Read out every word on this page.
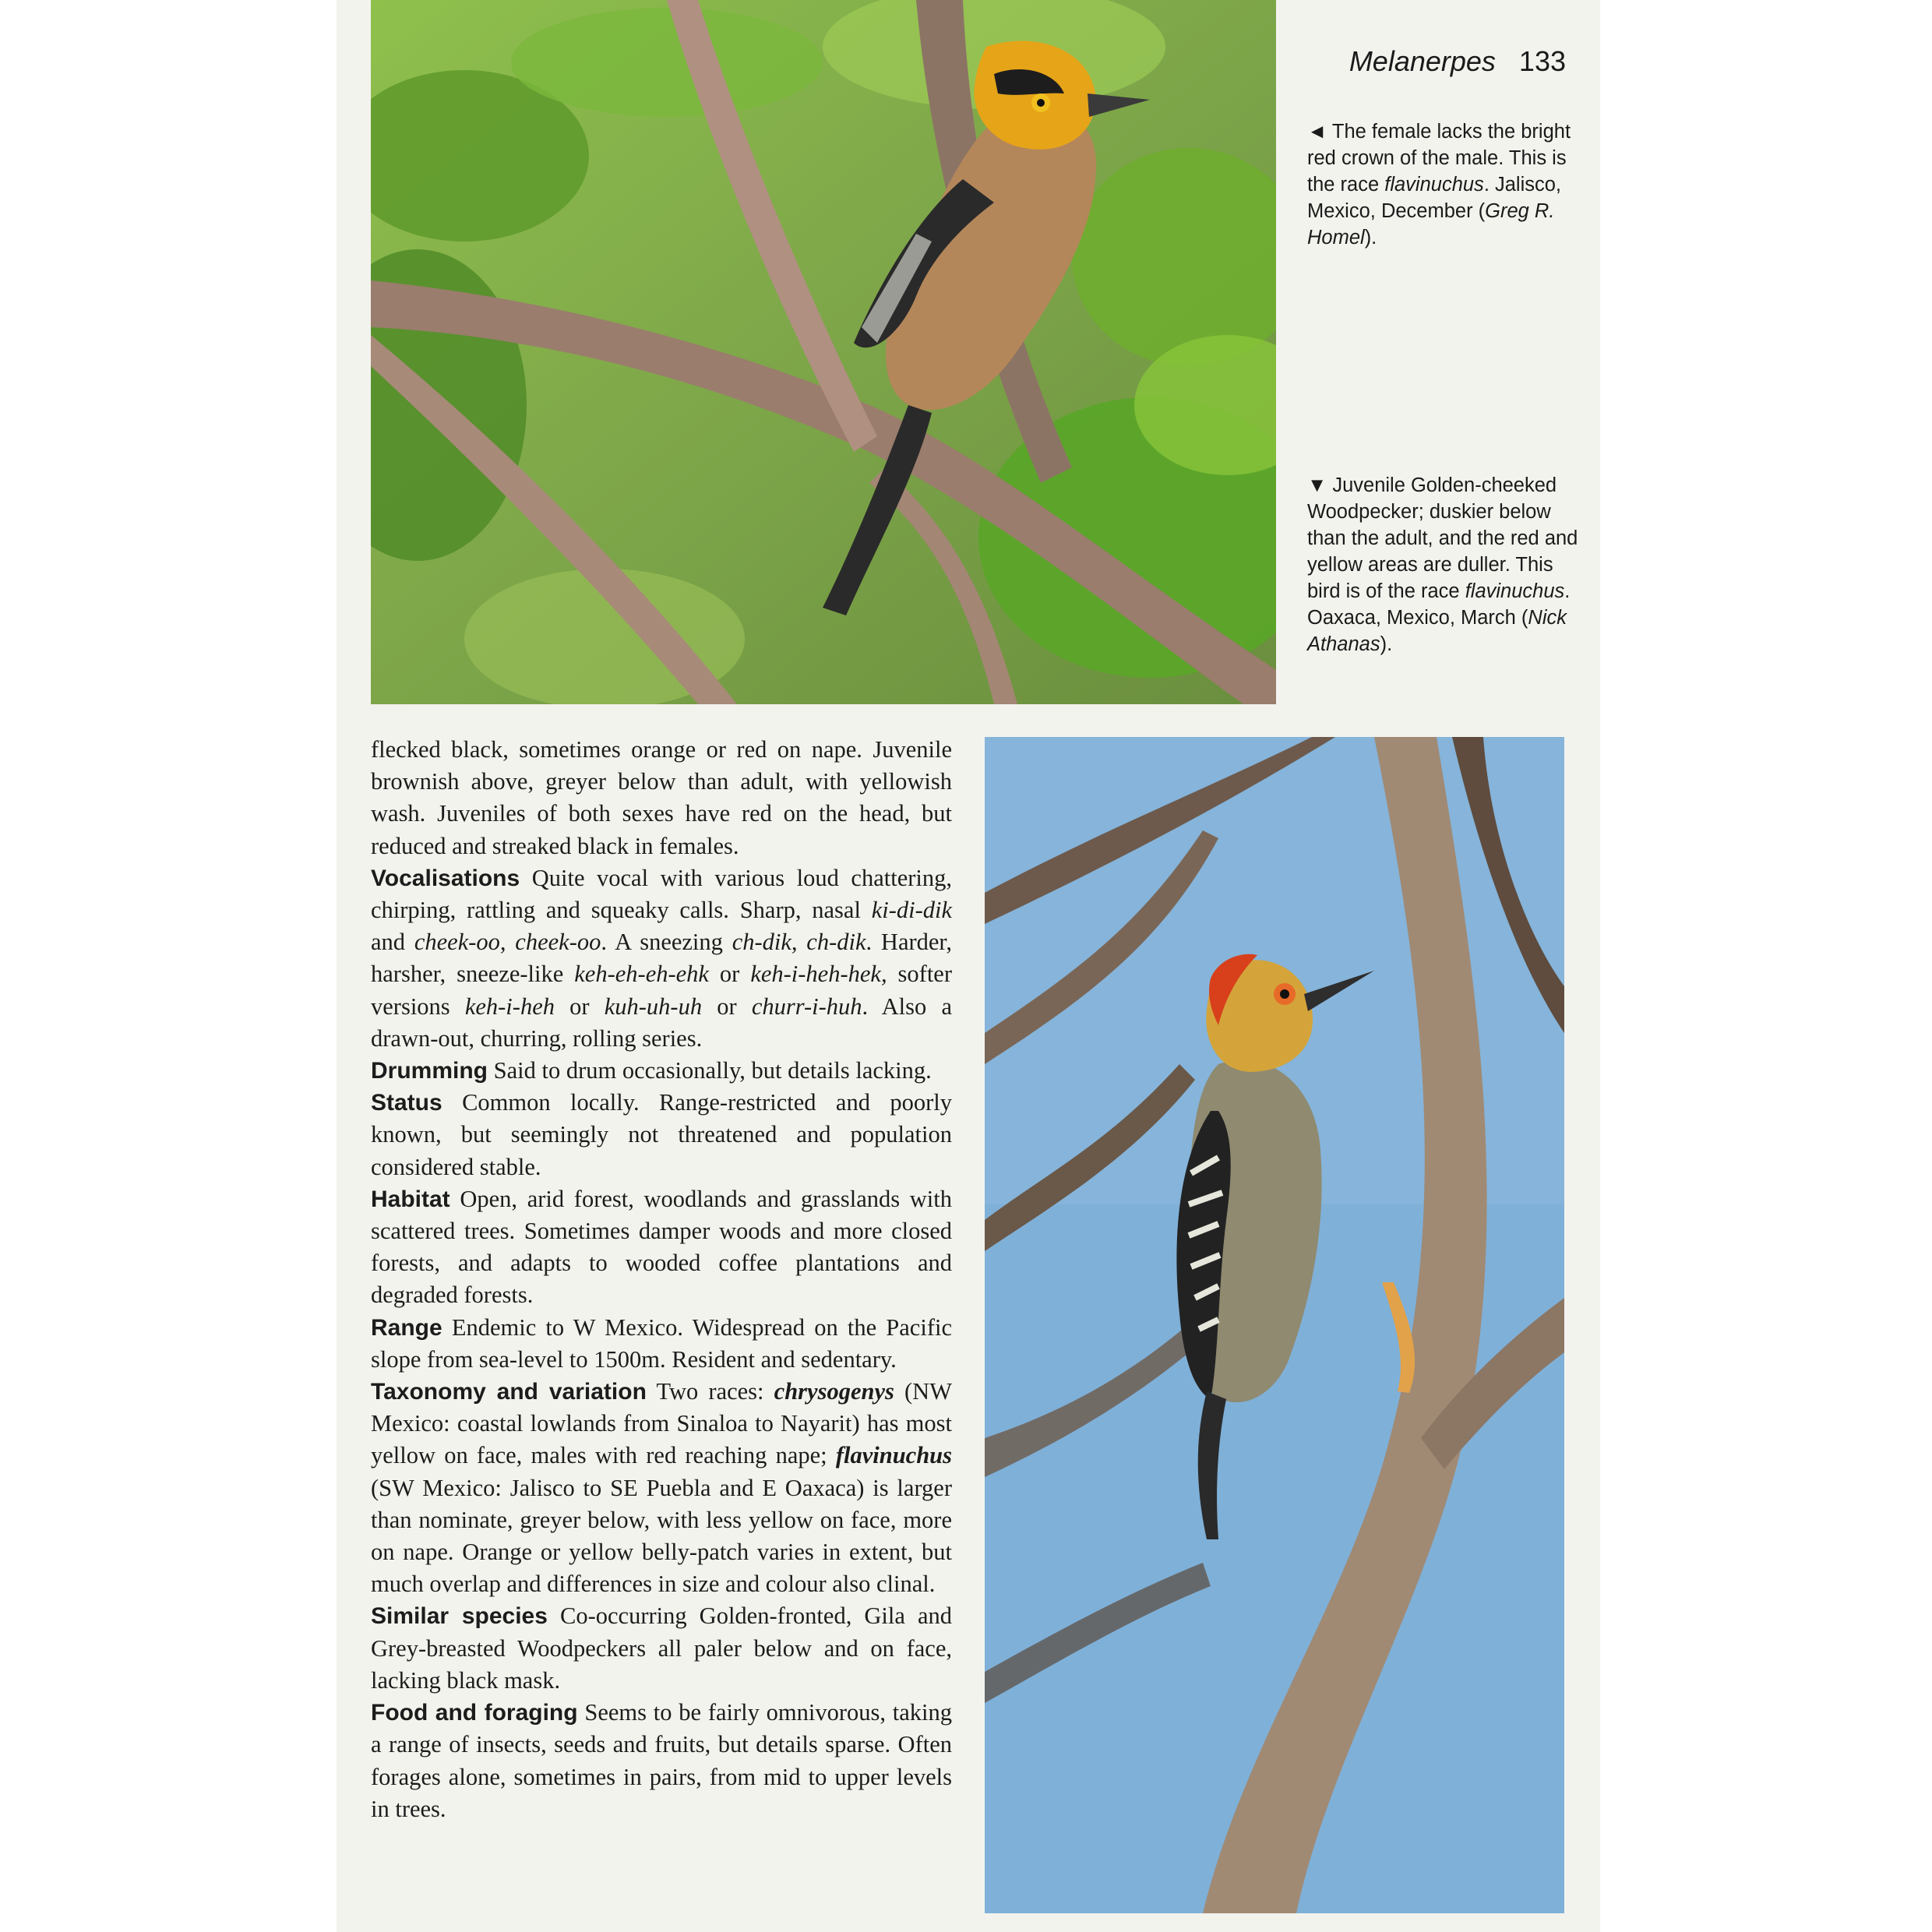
Melanerpes 133
◄ The female lacks the bright red crown of the male. This is the race flavinuchus. Jalisco, Mexico, December (Greg R. Homel).
▼ Juvenile Golden-cheeked Woodpecker; duskier below than the adult, and the red and yellow areas are duller. This bird is of the race flavinuchus. Oaxaca, Mexico, March (Nick Athanas).

flecked black, sometimes orange or red on nape. Juvenile brownish above, greyer below than adult, with yellowish wash. Juveniles of both sexes have red on the head, but reduced and streaked black in females.

Vocalisations Quite vocal with various loud chattering, chirping, rattling and squeaky calls. Sharp, nasal ki-di-dik and cheek-oo, cheek-oo. A sneezing ch-dik, ch-dik. Harder, harsher, sneeze-like keh-eh-eh-ehk or keh-i-heh-hek, softer versions keh-i-heh or kuh-uh-uh or churr-i-huh. Also a drawn-out, churring, rolling series.

Drumming Said to drum occasionally, but details lacking.

Status Common locally. Range-restricted and poorly known, but seemingly not threatened and population considered stable.

Habitat Open, arid forest, woodlands and grasslands with scattered trees. Sometimes damper woods and more closed forests, and adapts to wooded coffee plantations and degraded forests.

Range Endemic to W Mexico. Widespread on the Pacific slope from sea-level to 1500m. Resident and sedentary.

Taxonomy and variation Two races: chrysogenys (NW Mexico: coastal lowlands from Sinaloa to Nayarit) has most yellow on face, males with red reaching nape; flavinuchus (SW Mexico: Jalisco to SE Puebla and E Oaxaca) is larger than nominate, greyer below, with less yellow on face, more on nape. Orange or yellow belly-patch varies in extent, but much overlap and differences in size and colour also clinal.

Similar species Co-occurring Golden-fronted, Gila and Grey-breasted Woodpeckers all paler below and on face, lacking black mask.

Food and foraging Seems to be fairly omnivorous, taking a range of insects, seeds and fruits, but details sparse. Often forages alone, sometimes in pairs, from mid to upper levels in trees.
